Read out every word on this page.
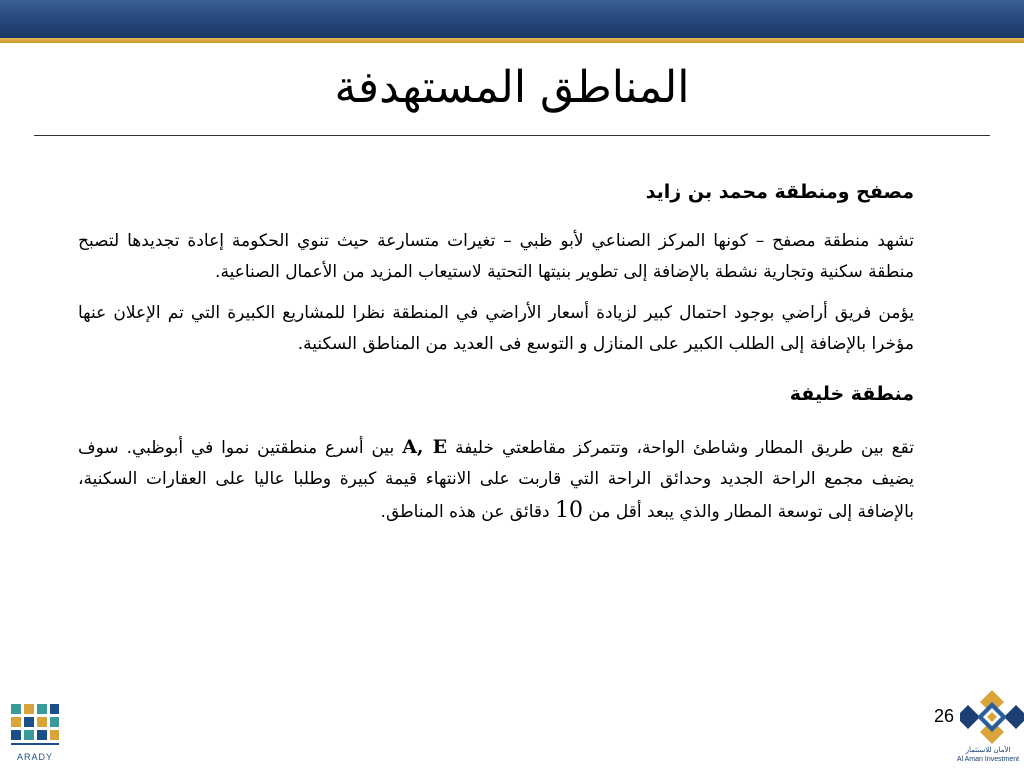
المناطق المستهدفة
مصفح ومنطقة محمد بن زايد

تشهد منطقة مصفح – كونها المركز الصناعي لأبو ظبي – تغيرات متسارعة حيث تنوي الحكومة إعادة تجديدها لتصبح منطقة سكنية وتجارية نشطة بالإضافة إلى تطوير بنيتها التحتية لاستيعاب المزيد من الأعمال الصناعية.

يؤمن فريق أراضي بوجود احتمال كبير لزيادة أسعار الأراضي في المنطقة نظرا للمشاريع الكبيرة التي تم الإعلان عنها مؤخرا بالإضافة إلى الطلب الكبير على المنازل و التوسع فى العديد من المناطق السكنية.

منطقة خليفة

تقع بين طريق المطار وشاطئ الواحة، وتتمركز مقاطعتي خليفة A, E بين أسرع منطقتين نموا في أبوظبي. سوف يضيف مجمع الراحة الجديد وحدائق الراحة التي قاربت على الانتهاء قيمة كبيرة وطلبا عاليا على العقارات السكنية، بالإضافة إلى توسعة المطار والذي يبعد أقل من 10 دقائق عن هذه المناطق.

26
ARADY
الأمان للاستثمار
Al Aman Investment
